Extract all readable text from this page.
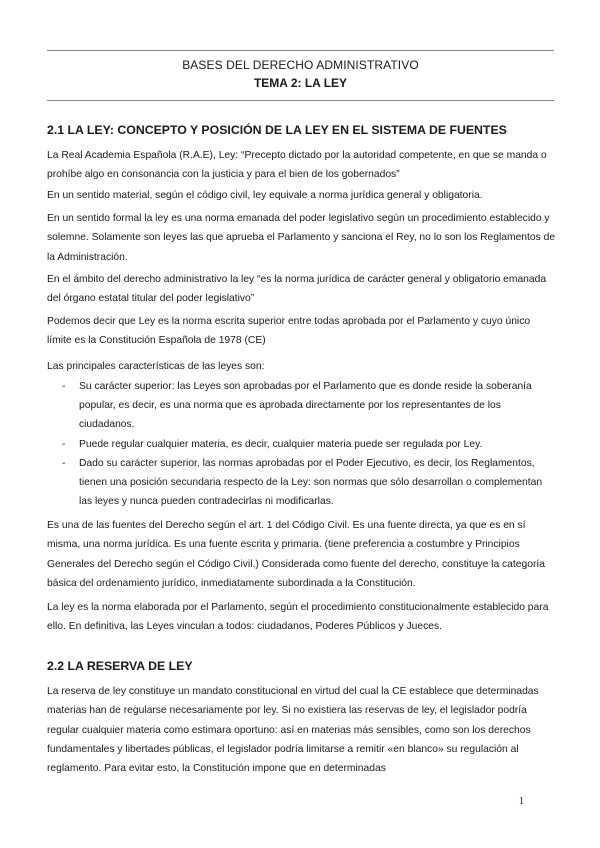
BASES DEL DERECHO ADMINISTRATIVO
TEMA 2: LA LEY
2.1 LA LEY: CONCEPTO Y POSICIÓN DE LA LEY EN EL SISTEMA DE FUENTES

La Real Academia Española (R.A.E), Ley: “Precepto dictado por la autoridad competente, en que se manda o prohíbe algo en consonancia con la justicia y para el bien de los gobernados”

En un sentido material, según el código civil, ley equivale a norma jurídica general y obligatoria.

En un sentido formal la ley es una norma emanada del poder legislativo según un procedimiento establecido y solemne. Solamente son leyes las que aprueba el Parlamento y sanciona el Rey, no lo son los Reglamentos de la Administración.

En el ámbito del derecho administrativo la ley “es la norma jurídica de carácter general y obligatorio emanada del órgano estatal titular del poder legislativo”

Podemos decir que Ley es la norma escrita superior entre todas aprobada por el Parlamento y cuyo único límite es la Constitución Española de 1978 (CE)

Las principales características de las leyes son:

- Su carácter superior: las Leyes son aprobadas por el Parlamento que es donde reside la soberanía popular, es decir, es una norma que es aprobada directamente por los representantes de los ciudadanos.
- Puede regular cualquier materia, es decir, cualquier materia puede ser regulada por Ley.
- Dado su carácter superior, las normas aprobadas por el Poder Ejecutivo, es decir, los Reglamentos, tienen una posición secundaria respecto de la Ley: son normas que sólo desarrollan o complementan las leyes y nunca pueden contradecirlas ni modificarlas.

Es una de las fuentes del Derecho según el art. 1 del Código Civil. Es una fuente directa, ya que es en sí misma, una norma jurídica. Es una fuente escrita y primaria. (tiene preferencia a costumbre y Principios Generales del Derecho según el Código Civil.) Considerada como fuente del derecho, constituye la categoría básica del ordenamiento jurídico, inmediatamente subordinada a la Constitución.

La ley es la norma elaborada por el Parlamento, según el procedimiento constitucionalmente establecido para ello. En definitiva, las Leyes vinculan a todos: ciudadanos, Poderes Públicos y Jueces.

2.2 LA RESERVA DE LEY

La reserva de ley constituye un mandato constitucional en virtud del cual la CE establece que determinadas materias han de regularse necesariamente por ley. Si no existiera las reservas de ley, el legislador podría regular cualquier materia como estimara oportuno: así en materias más sensibles, como son los derechos fundamentales y libertades públicas, el legislador podría limitarse a remitir «en blanco» su regulación al reglamento. Para evitar esto, la Constitución impone que en determinadas

1
